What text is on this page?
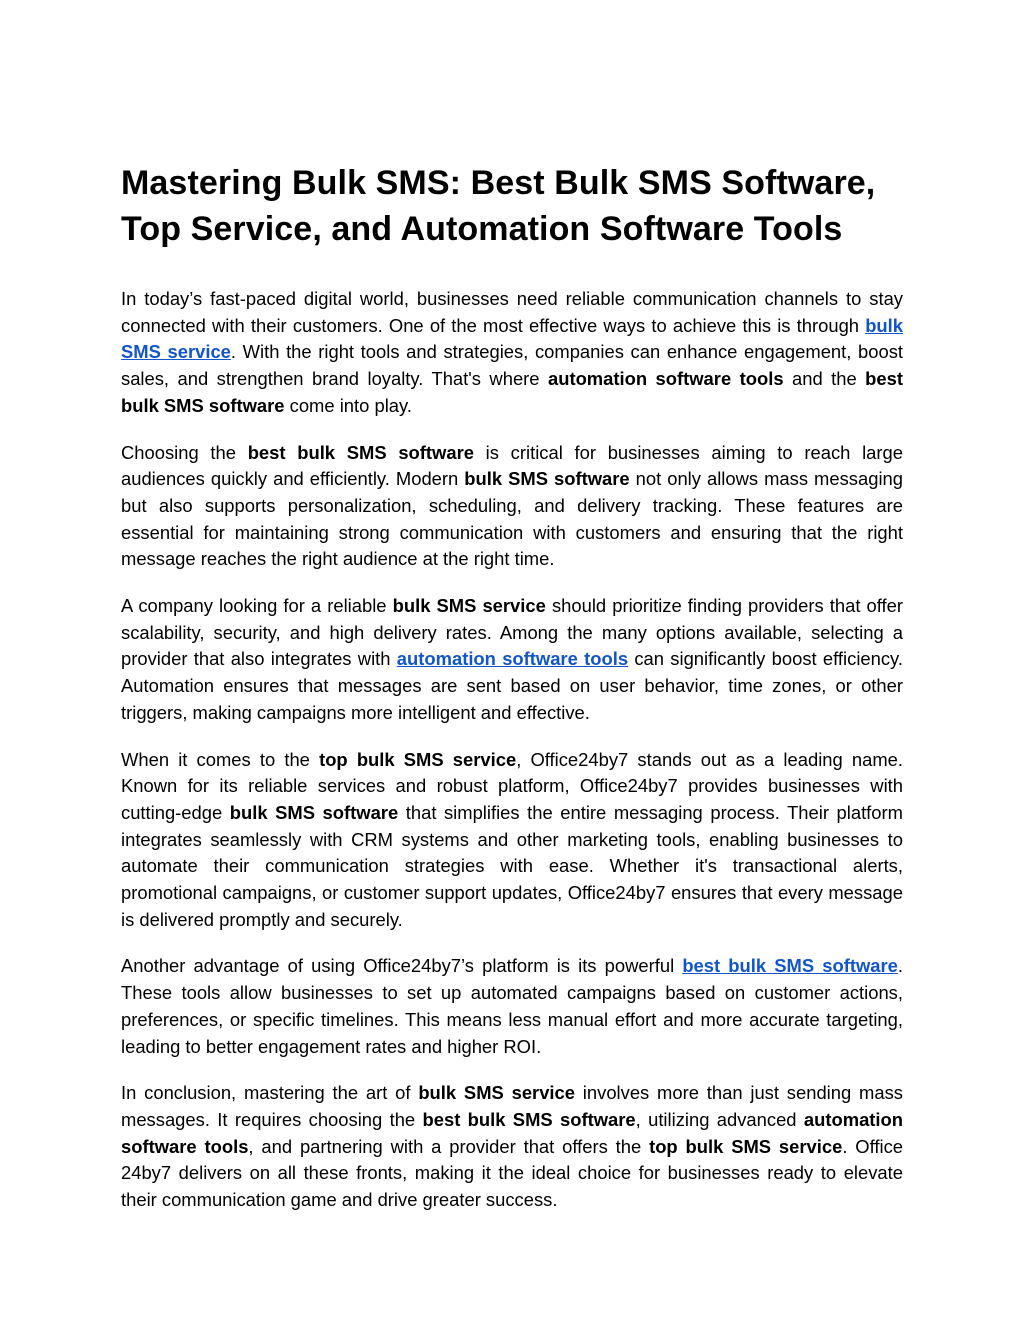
Mastering Bulk SMS: Best Bulk SMS Software, Top Service, and Automation Software Tools

In today’s fast-paced digital world, businesses need reliable communication channels to stay connected with their customers. One of the most effective ways to achieve this is through bulk SMS service. With the right tools and strategies, companies can enhance engagement, boost sales, and strengthen brand loyalty. That's where automation software tools and the best bulk SMS software come into play.

Choosing the best bulk SMS software is critical for businesses aiming to reach large audiences quickly and efficiently. Modern bulk SMS software not only allows mass messaging but also supports personalization, scheduling, and delivery tracking. These features are essential for maintaining strong communication with customers and ensuring that the right message reaches the right audience at the right time.

A company looking for a reliable bulk SMS service should prioritize finding providers that offer scalability, security, and high delivery rates. Among the many options available, selecting a provider that also integrates with automation software tools can significantly boost efficiency. Automation ensures that messages are sent based on user behavior, time zones, or other triggers, making campaigns more intelligent and effective.

When it comes to the top bulk SMS service, Office24by7 stands out as a leading name. Known for its reliable services and robust platform, Office24by7 provides businesses with cutting-edge bulk SMS software that simplifies the entire messaging process. Their platform integrates seamlessly with CRM systems and other marketing tools, enabling businesses to automate their communication strategies with ease. Whether it's transactional alerts, promotional campaigns, or customer support updates, Office24by7 ensures that every message is delivered promptly and securely.

Another advantage of using Office24by7’s platform is its powerful best bulk SMS software. These tools allow businesses to set up automated campaigns based on customer actions, preferences, or specific timelines. This means less manual effort and more accurate targeting, leading to better engagement rates and higher ROI.

In conclusion, mastering the art of bulk SMS service involves more than just sending mass messages. It requires choosing the best bulk SMS software, utilizing advanced automation software tools, and partnering with a provider that offers the top bulk SMS service. Office 24by7 delivers on all these fronts, making it the ideal choice for businesses ready to elevate their communication game and drive greater success.
